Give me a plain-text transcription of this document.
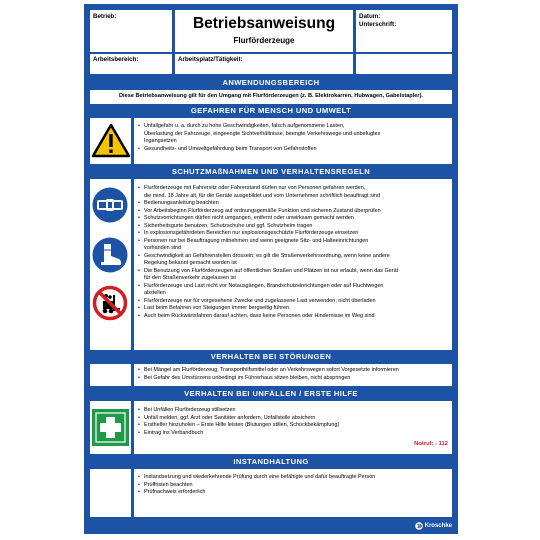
Betrieb:	Betriebsanweisung
Flurförderzeuge
Datum:
Unterschrift:
Arbeitsbereich:	Arbeitsplatz/Tätigkeit:
ANWENDUNGSBEREICH
Diese Betriebsanweisung gilt für den Umgang mit Flurförderzeugen (z. B. Elektrokarren, Hubwagen, Gabelstapler).
GEFAHREN FÜR MENSCH UND UMWELT
• Unfallgefahr u. a. durch zu hohe Geschwindigkeiten, falsch aufgenommene Lasten,
Überlastung der Fahrzeuge, eingeengte Sichtverhältnisse, beengte Verkehrswege und unbefugtes
Ingangsetzen
• Gesundheits- und Umweltgefährdung beim Transport von Gefahrstoffen
SCHUTZMAßNAHMEN UND VERHALTENSREGELN
• Flurförderzeuge mit Fahrersitz oder Fahrerstand dürfen nur von Personen gefahren werden,
die mind. 18 Jahre alt, für die Geräte ausgebildet und vom Unternehmen schriftlich beauftragt sind
• Bedienungsanleitung beachten
• Vor Arbeitsbeginn Flurförderzeug auf ordnungsgemäße Funktion und sicheren Zustand überprüfen
• Schutzvorrichtungen dürfen nicht umgangen, entfernt oder unwirksam gemacht werden
• Sicherheitsgurte benutzen, Schutzschuhe und ggf. Schutzhelm tragen
• In explosionsgefährdeten Bereichen nur explosionsgeschützte Flurförderzeuge einsetzen
• Personen nur bei Beauftragung mitnehmen und wenn geeignete Sitz- und Halteeinrichtungen
vorhanden sind
• Geschwindigkeit an Gefahrenstellen drosseln; es gilt die Straßenverkehrsordnung, wenn keine andere
Regelung bekannt gemacht worden ist
• Die Benutzung von Flurförderzeugen auf öffentlichen Straßen und Plätzen ist nur erlaubt, wenn das Gerät
für den Straßenverkehr zugelassen ist
• Flurförderzeuge und Last nicht vor Notausgängen, Brandschutzeinrichtungen oder auf Fluchtwegen
abstellen
• Flurförderzeuge nur für vorgesehene Zwecke und zugelassene Last verwenden; nicht überladen
• Last beim Befahren von Steigungen immer bergseitig führen
• Auch beim Rückwärtsfahren darauf achten, dass keine Personen oder Hindernisse im Weg sind
VERHALTEN BEI STÖRUNGEN
• Bei Mängel am Flurförderzeug, Transporthilfsmittel oder an Verkehrswegen sofort Vorgesetzte informieren
• Bei Gefahr des Umstürzens unbedingt im Führerhaus sitzen bleiben, nicht abspringen
VERHALTEN BEI UNFÄLLEN / ERSTE HILFE
• Bei Unfällen Flurförderzeug stillsetzen
• Unfall melden, ggf. Arzt oder Sanitäter anfordern, Unfallstelle absichern
• Ersthelfer hinzuholen – Erste Hilfe leisten (Blutungen stillen, Schockbekämpfung)
• Eintrag ins Verbandbuch
Notruf: - 112
INSTANDHALTUNG
• Instandsetzung und wiederkehrende Prüfung durch eine befähigte und dafür beauftragte Person
• Prüffristen beachten
• Prüfnachweis erforderlich
Kroschke
